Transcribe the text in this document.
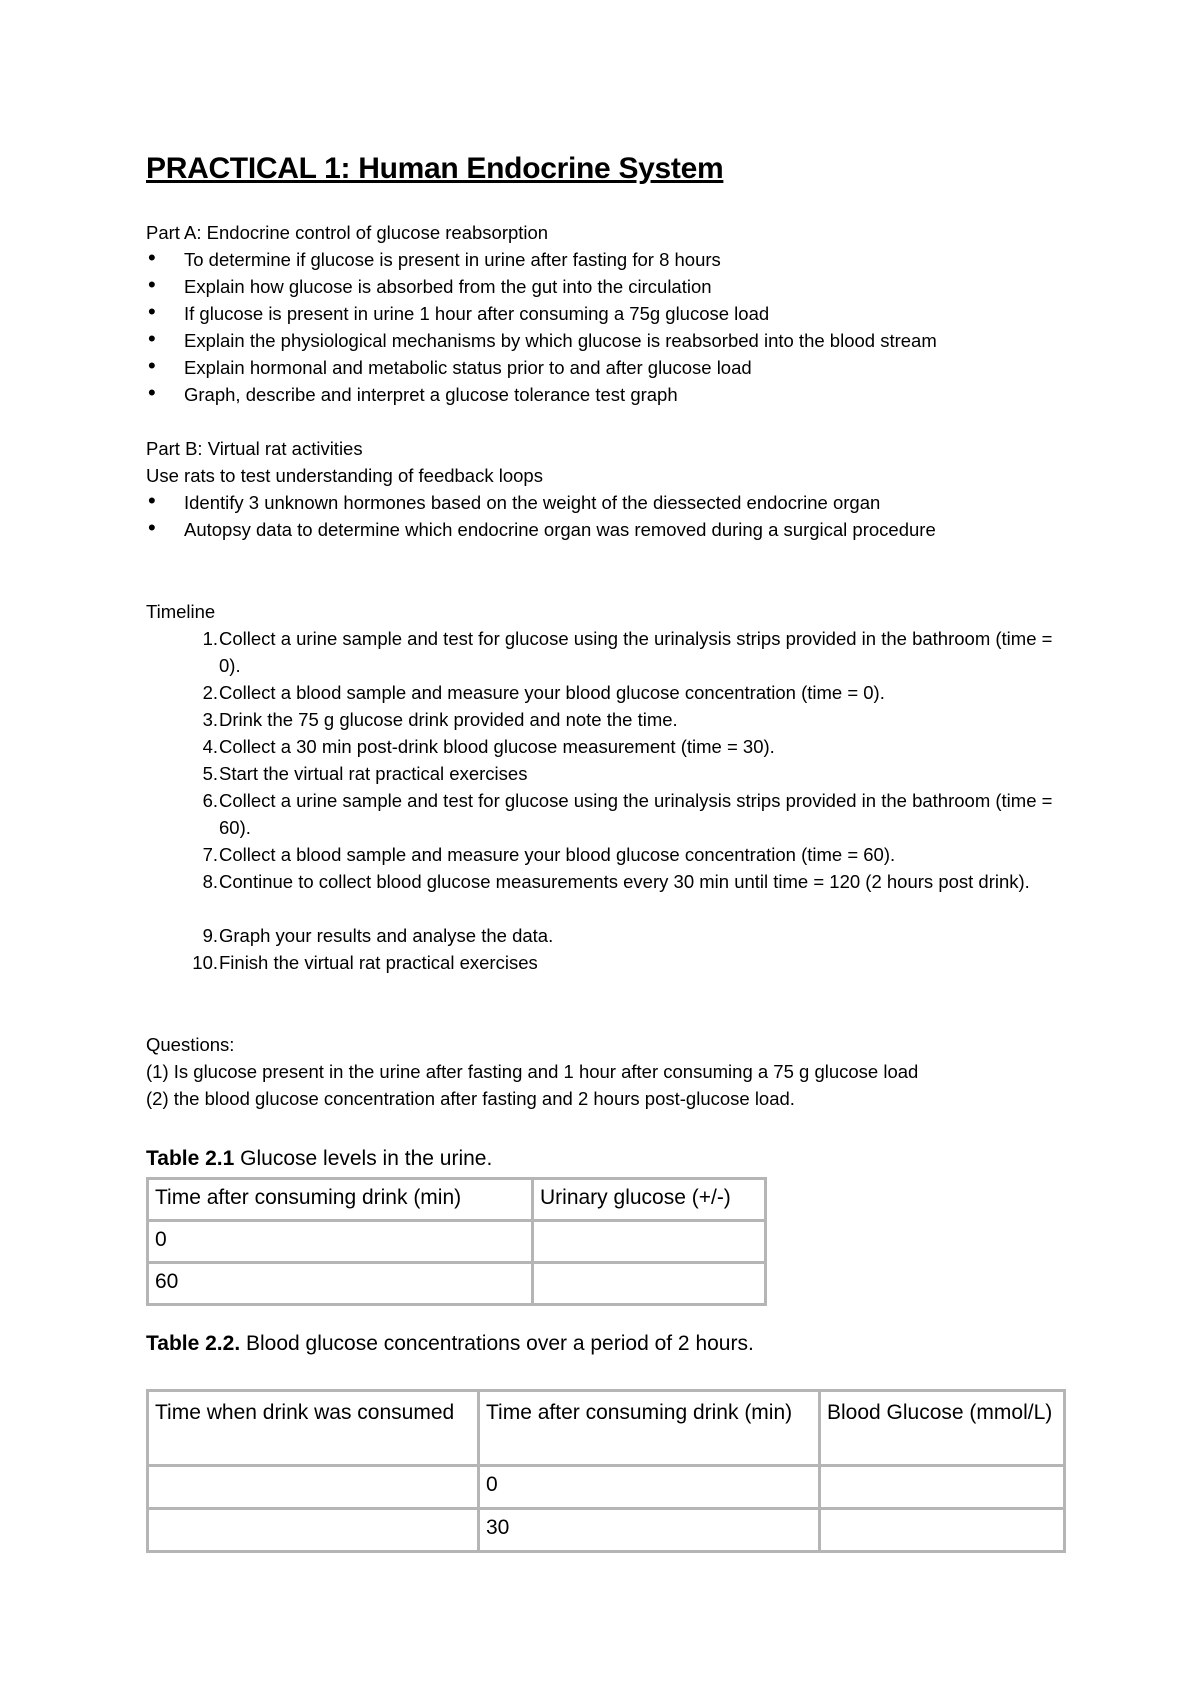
PRACTICAL 1: Human Endocrine System
Part A: Endocrine control of glucose reabsorption
• To determine if glucose is present in urine after fasting for 8 hours
• Explain how glucose is absorbed from the gut into the circulation
• If glucose is present in urine 1 hour after consuming a 75g glucose load
• Explain the physiological mechanisms by which glucose is reabsorbed into the blood stream
• Explain hormonal and metabolic status prior to and after glucose load
• Graph, describe and interpret a glucose tolerance test graph
Part B: Virtual rat activities
Use rats to test understanding of feedback loops
• Identify 3 unknown hormones based on the weight of the diessected endocrine organ
• Autopsy data to determine which endocrine organ was removed during a surgical procedure
Timeline
1. Collect a urine sample and test for glucose using the urinalysis strips provided in the bathroom (time = 0).
2. Collect a blood sample and measure your blood glucose concentration (time = 0).
3. Drink the 75 g glucose drink provided and note the time.
4. Collect a 30 min post-drink blood glucose measurement (time = 30).
5. Start the virtual rat practical exercises
6. Collect a urine sample and test for glucose using the urinalysis strips provided in the bathroom (time = 60).
7. Collect a blood sample and measure your blood glucose concentration (time = 60).
8. Continue to collect blood glucose measurements every 30 min until time = 120 (2 hours post drink).
9. Graph your results and analyse the data.
10. Finish the virtual rat practical exercises
Questions:
(1) Is glucose present in the urine after fasting and 1 hour after consuming a 75 g glucose load
(2) the blood glucose concentration after fasting and 2 hours post-glucose load.
Table 2.1 Glucose levels in the urine.
Time after consuming drink (min)	Urinary glucose (+/-)
0	
60	
Table 2.2. Blood glucose concentrations over a period of 2 hours.
Time when drink was consumed	Time after consuming drink (min)	Blood Glucose (mmol/L)
	0	
	30	
